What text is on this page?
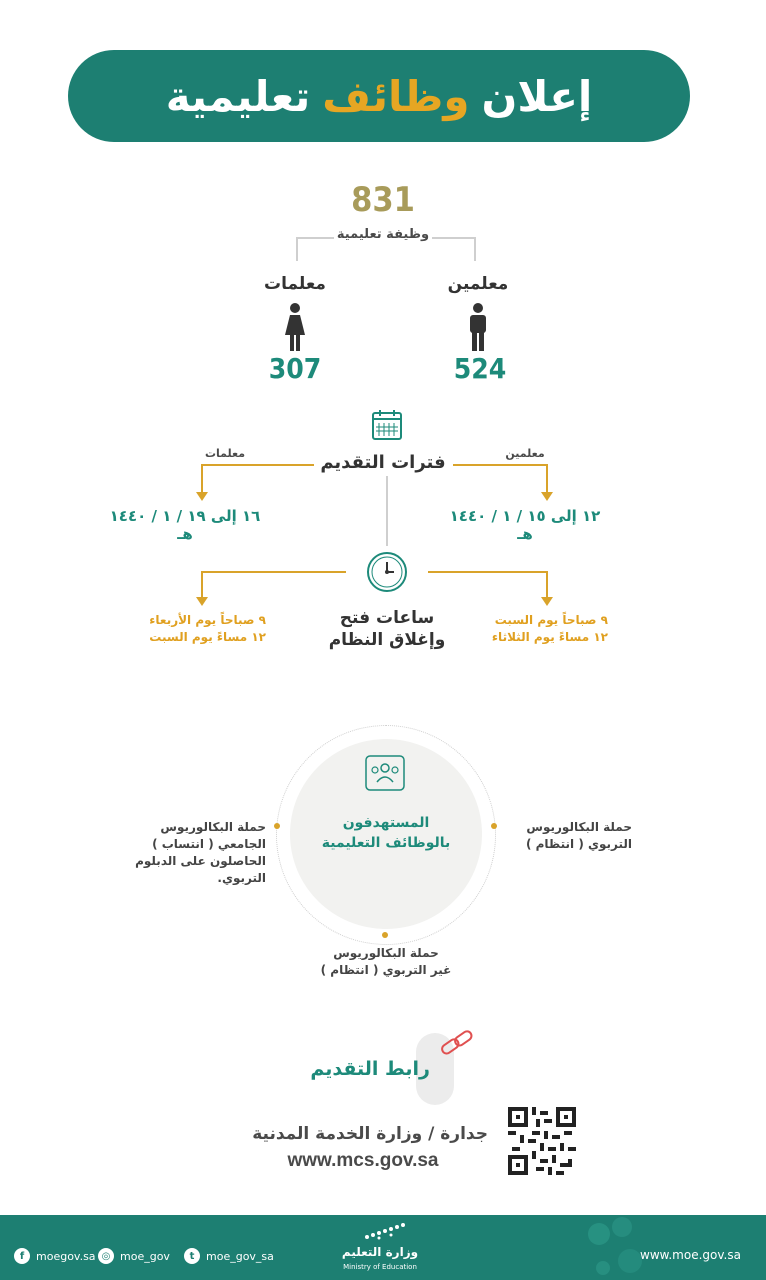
إعلان
وظائف
تعليمية
831
وظيفة تعليمية
معلمين
524
معلمات
307
فترات التقديم	معلمين
معلمات
١٢ إلى ١٥ / ١ / ١٤٤٠ هـ
١٦ إلى ١٩ / ١ / ١٤٤٠ هـ
ساعات فتح
وإغلاق النظام
٩ صباحاً يوم السبت
١٢ مساءً يوم الثلاثاء
٩ صباحاً يوم الأربعاء
١٢ مساءً يوم السبت
المستهدفون
بالوظائف التعليمية
حملة البكالوريوس
التربوي ( انتظام )
حملة البكالوريوس
الجامعي ( انتساب )
الحاصلون على الدبلوم
التربوي.
حملة البكالوريوس
غير التربوي ( انتظام )
رابط التقديم
جدارة / وزارة الخدمة المدنية
www.mcs.gov.sa
f	moegov.sa ◎ moe_gov	t	moe_gov_sa	وزارة التعليم
Ministry of Education
www.moe.gov.sa
